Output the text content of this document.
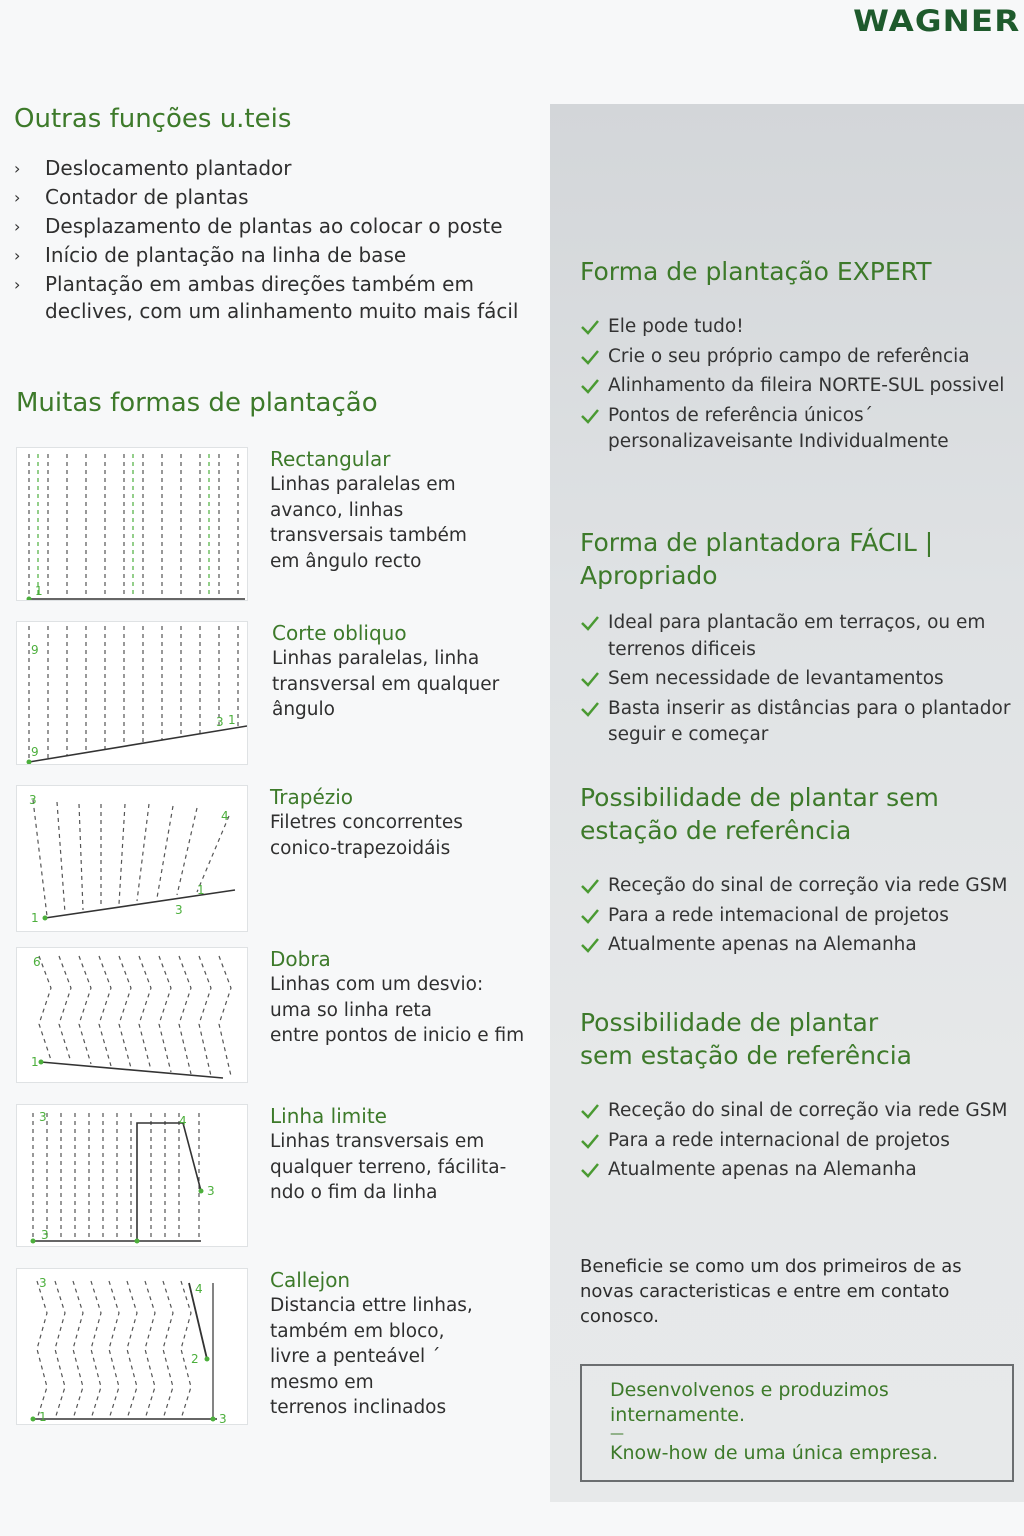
WAGNER
Outras funções u.teis
› Deslocamento plantador
› Contador de plantas
› Desplazamento de plantas ao colocar o poste
› Início de plantação na linha de base
› Plantação em ambas direções também em declives, com um alinhamento muito mais fácil
Muitas formas de plantação
1
Rectangular
Linhas paralelas em
avanco, linhas
transversais também
em ângulo recto
9
9
3 1
Corte obliquo
Linhas paralelas, linha
transversal em qualquer
ângulo
3
4
1
3
1
Trapézio
Filetres concorrentes
conico-trapezoidáis
6
1
Dobra
Linhas com um desvio:
uma so linha reta
entre pontos de inicio e fim
3	4
3
3
Linha limite
Linhas transversais em
qualquer terreno, fácilita-
ndo o fim da linha
3	4
2
1	3
Callejon
Distancia ettre linhas,
também em bloco,
livre a penteável ´
mesmo em
terrenos inclinados
Forma de plantação EXPERT
Ele pode tudo!
Crie o seu próprio campo de referência
Alinhamento da fileira NORTE-SUL possivel
Pontos de referência únicos´ personalizaveisante Individualmente
Forma de plantadora FÁCIL | Apropriado
Ideal para plantacão em terraços, ou em terrenos dificeis
Sem necessidade de levantamentos
Basta inserir as distâncias para o plantador seguir e começar
Possibilidade de plantar sem estação de referência
Receção do sinal de correção via rede GSM
Para a rede intemacional de projetos
Atualmente apenas na Alemanha
Possibilidade de plantar sem estação de referência
Receção do sinal de correção via rede GSM
Para a rede internacional de projetos
Atualmente apenas na Alemanha
Beneficie se como um dos primeiros de as novas caracteristicas e entre em contato conosco.
Desenvolvenos e produzimos internamente.
—
Know-how de uma única empresa.
